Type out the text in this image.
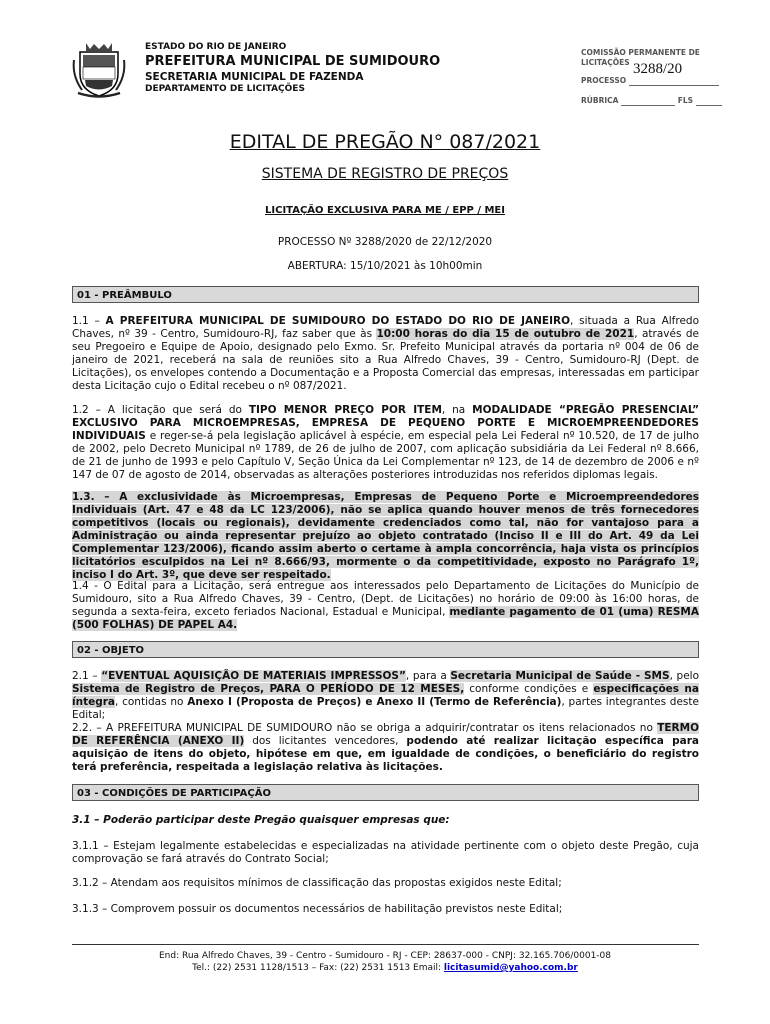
ESTADO DO RIO DE JANEIRO
PREFEITURA MUNICIPAL DE SUMIDOURO
SECRETARIA MUNICIPAL DE FAZENDA
DEPARTAMENTO DE LICITAÇÕES
COMISSÃO PERMANENTE DE
LICITAÇÕES
PROCESSO
3288/20
RÚBRICA	FLS
EDITAL DE PREGÃO N° 087/2021
SISTEMA DE REGISTRO DE PREÇOS
LICITAÇÃO EXCLUSIVA PARA ME / EPP / MEI
PROCESSO Nº 3288/2020 de 22/12/2020
ABERTURA: 15/10/2021 às 10h00min
01 - PREÂMBULO
1.1 – A PREFEITURA MUNICIPAL DE SUMIDOURO DO ESTADO DO RIO DE JANEIRO, situada a Rua Alfredo Chaves, nº 39 - Centro, Sumidouro-RJ, faz saber que às 10:00 horas do dia 15 de outubro de 2021, através de seu Pregoeiro e Equipe de Apoio, designado pelo Exmo. Sr. Prefeito Municipal através da portaria nº 004 de 06 de janeiro de 2021, receberá na sala de reuniões sito a Rua Alfredo Chaves, 39 - Centro, Sumidouro-RJ (Dept. de Licitações), os envelopes contendo a Documentação e a Proposta Comercial das empresas, interessadas em participar desta Licitação cujo o Edital recebeu o nº 087/2021.
1.2 – A licitação que será do TIPO MENOR PREÇO POR ITEM, na MODALIDADE “PREGÃO PRESENCIAL” EXCLUSIVO PARA MICROEMPRESAS, EMPRESA DE PEQUENO PORTE E MICROEMPREENDEDORES INDIVIDUAIS e reger-se-á pela legislação aplicável à espécie, em especial pela Lei Federal nº 10.520, de 17 de julho de 2002, pelo Decreto Municipal nº 1789, de 26 de julho de 2007, com aplicação subsidiária da Lei Federal nº 8.666, de 21 de junho de 1993 e pelo Capítulo V, Seção Única da Lei Complementar nº 123, de 14 de dezembro de 2006 e nº 147 de 07 de agosto de 2014, observadas as alterações posteriores introduzidas nos referidos diplomas legais.
1.3. – A exclusividade às Microempresas, Empresas de Pequeno Porte e Microempreendedores Individuais (Art. 47 e 48 da LC 123/2006), não se aplica quando houver menos de três fornecedores competitivos (locais ou regionais), devidamente credenciados como tal, não for vantajoso para a Administração ou ainda representar prejuízo ao objeto contratado (Inciso II e III do Art. 49 da Lei Complementar 123/2006), ficando assim aberto o certame à ampla concorrência, haja vista os princípios licitatórios esculpidos na Lei nº 8.666/93, mormente o da competitividade, exposto no Parágrafo 1º, inciso I do Art. 3º, que deve ser respeitado.
1.4 - O Edital para a Licitação, será entregue aos interessados pelo Departamento de Licitações do Município de Sumidouro, sito a Rua Alfredo Chaves, 39 - Centro, (Dept. de Licitações) no horário de 09:00 às 16:00 horas, de segunda a sexta-feira, exceto feriados Nacional, Estadual e Municipal, mediante pagamento de 01 (uma) RESMA (500 FOLHAS) DE PAPEL A4.
02 - OBJETO
2.1 – “EVENTUAL AQUISIÇÃO DE MATERIAIS IMPRESSOS”, para a Secretaria Municipal de Saúde - SMS, pelo Sistema de Registro de Preços, PARA O PERÍODO DE 12 MESES, conforme condições e especificações na íntegra, contidas no Anexo I (Proposta de Preços) e Anexo II (Termo de Referência), partes integrantes deste Edital;
2.2. – A PREFEITURA MUNICIPAL DE SUMIDOURO não se obriga a adquirir/contratar os itens relacionados no TERMO DE REFERÊNCIA (ANEXO II) dos licitantes vencedores, podendo até realizar licitação específica para aquisição de itens do objeto, hipótese em que, em igualdade de condições, o beneficiário do registro terá preferência, respeitada a legislação relativa às licitações.
03 - CONDIÇÕES DE PARTICIPAÇÃO
3.1 – Poderão participar deste Pregão quaisquer empresas que:
3.1.1 – Estejam legalmente estabelecidas e especializadas na atividade pertinente com o objeto deste Pregão, cuja comprovação se fará através do Contrato Social;
3.1.2 – Atendam aos requisitos mínimos de classificação das propostas exigidos neste Edital;
3.1.3 – Comprovem possuir os documentos necessários de habilitação previstos neste Edital;
End: Rua Alfredo Chaves, 39 - Centro - Sumidouro - RJ - CEP: 28637-000 - CNPJ: 32.165.706/0001-08
Tel.: (22) 2531 1128/1513 – Fax: (22) 2531 1513 Email: licitasumid@yahoo.com.br
